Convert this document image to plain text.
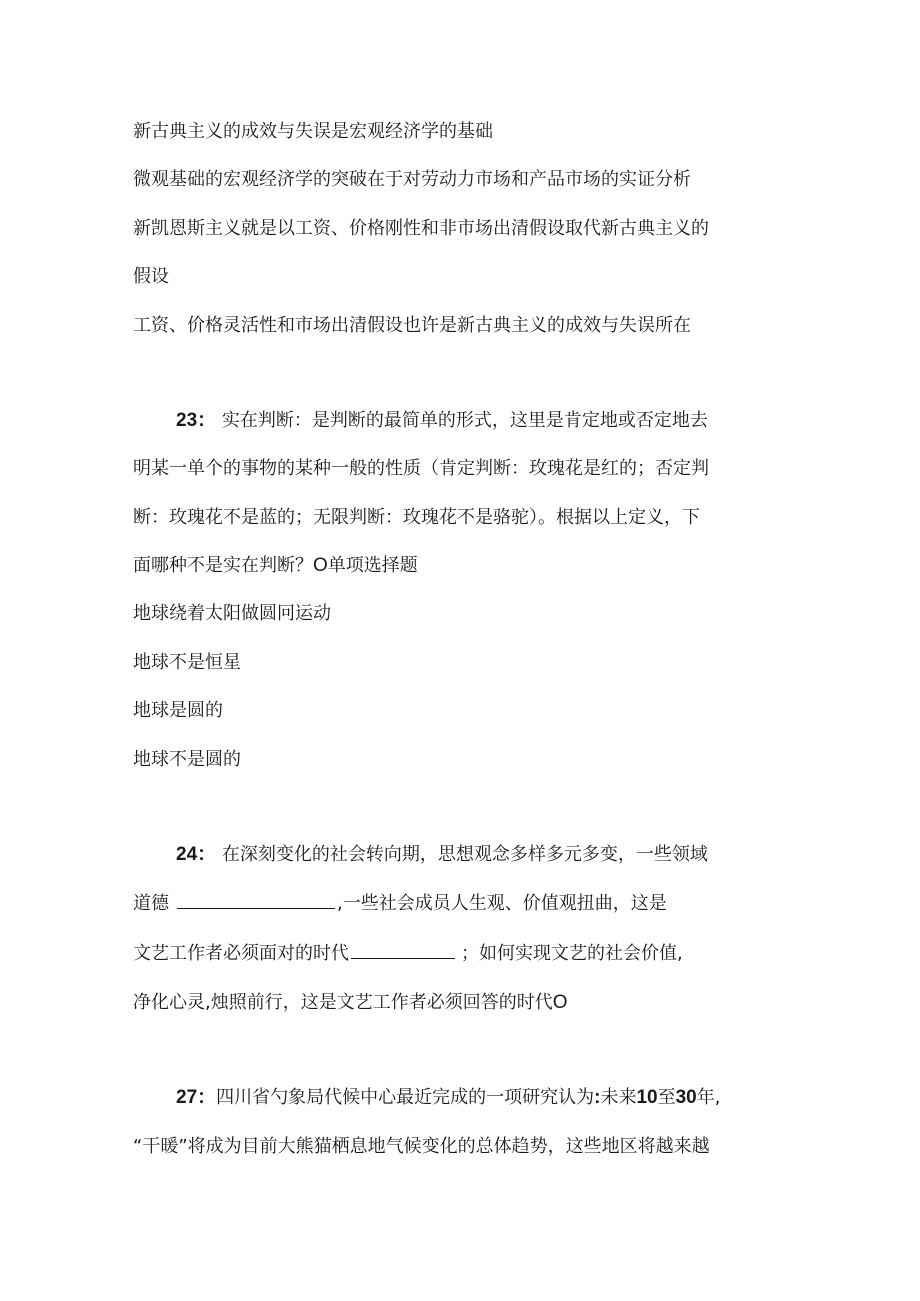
新古典主义的成效与失误是宏观经济学的基础
微观基础的宏观经济学的突破在于对劳动力市场和产品市场的实证分析
新凯恩斯主义就是以工资、价格刚性和非市场出清假设取代新古典主义的
假设
工资、价格灵活性和市场出清假设也许是新古典主义的成效与失误所在
23： 实在判断：是判断的最简单的形式，这里是肯定地或否定地去
明某一单个的事物的某种一般的性质（肯定判断：玫瑰花是红的；否定判
断：玫瑰花不是蓝的；无限判断：玫瑰花不是骆驼）。根据以上定义，下
面哪种不是实在判断？O单项选择题
地球绕着太阳做圆冋运动
地球不是恒星
地球是圆的
地球不是圆的
24： 在深刻变化的社会转向期，思想观念多样多元多变，一些领域
道德	,一些社会成员人生观、价值观扭曲，这是
文艺工作者必须面对的时代	；如何实现文艺的社会价值,
净化心灵,烛照前行，这是文艺工作者必须回答的时代O
27：四川省勺象局代候中心最近完成的一项研究认为:未来10至30年,
“干暖”将成为目前大熊猫栖息地气候变化的总体趋势，这些地区将越来越
